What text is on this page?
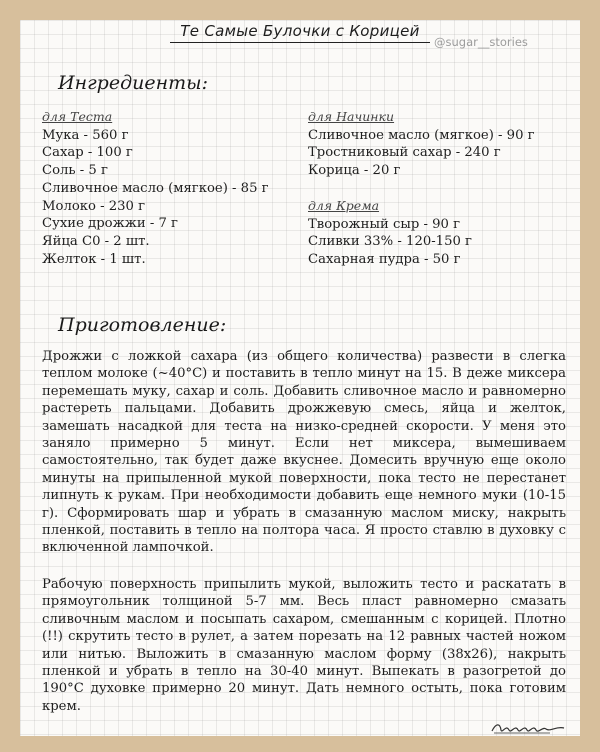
Те Самые Булочки с Корицей
@sugar__stories
Ингредиенты:
для Теста
Мука - 560 г
Сахар - 100 г
Соль - 5 г
Сливочное масло (мягкое) - 85 г
Молоко - 230 г
Сухие дрожжи - 7 г
Яйца С0 - 2 шт.
Желток - 1 шт.
для Начинки
Сливочное масло (мягкое) - 90 г
Тростниковый сахар - 240 г
Корица - 20 г
для Крема
Творожный сыр - 90 г
Сливки 33% - 120-150 г
Сахарная пудра - 50 г
Приготовление:
Дрожжи с ложкой сахара (из общего количества) развести в слегка теплом молоке (~40°С) и поставить в тепло минут на 15. В деже миксера перемешать муку, сахар и соль. Добавить сливочное масло и равномерно растереть пальцами. Добавить дрожжевую смесь, яйца и желток, замешать насадкой для теста на низко-средней скорости. У меня это заняло примерно 5 минут. Если нет миксера, вымешиваем самостоятельно, так будет даже вкуснее. Домесить вручную еще около минуты на припыленной мукой поверхности, пока тесто не перестанет липнуть к рукам. При необходимости добавить еще немного муки (10-15 г). Сформировать шар и убрать в смазанную маслом миску, накрыть пленкой, поставить в тепло на полтора часа. Я просто ставлю в духовку с включенной лампочкой.
Рабочую поверхность припылить мукой, выложить тесто и раскатать в прямоугольник толщиной 5-7 мм. Весь пласт равномерно смазать сливочным маслом и посыпать сахаром, смешанным с корицей. Плотно (!!) скрутить тесто в рулет, а затем порезать на 12 равных частей ножом или нитью. Выложить в смазанную маслом форму (38х26), накрыть пленкой и убрать в тепло на 30-40 минут. Выпекать в разогретой до 190°С духовке примерно 20 минут. Дать немного остыть, пока готовим крем.
